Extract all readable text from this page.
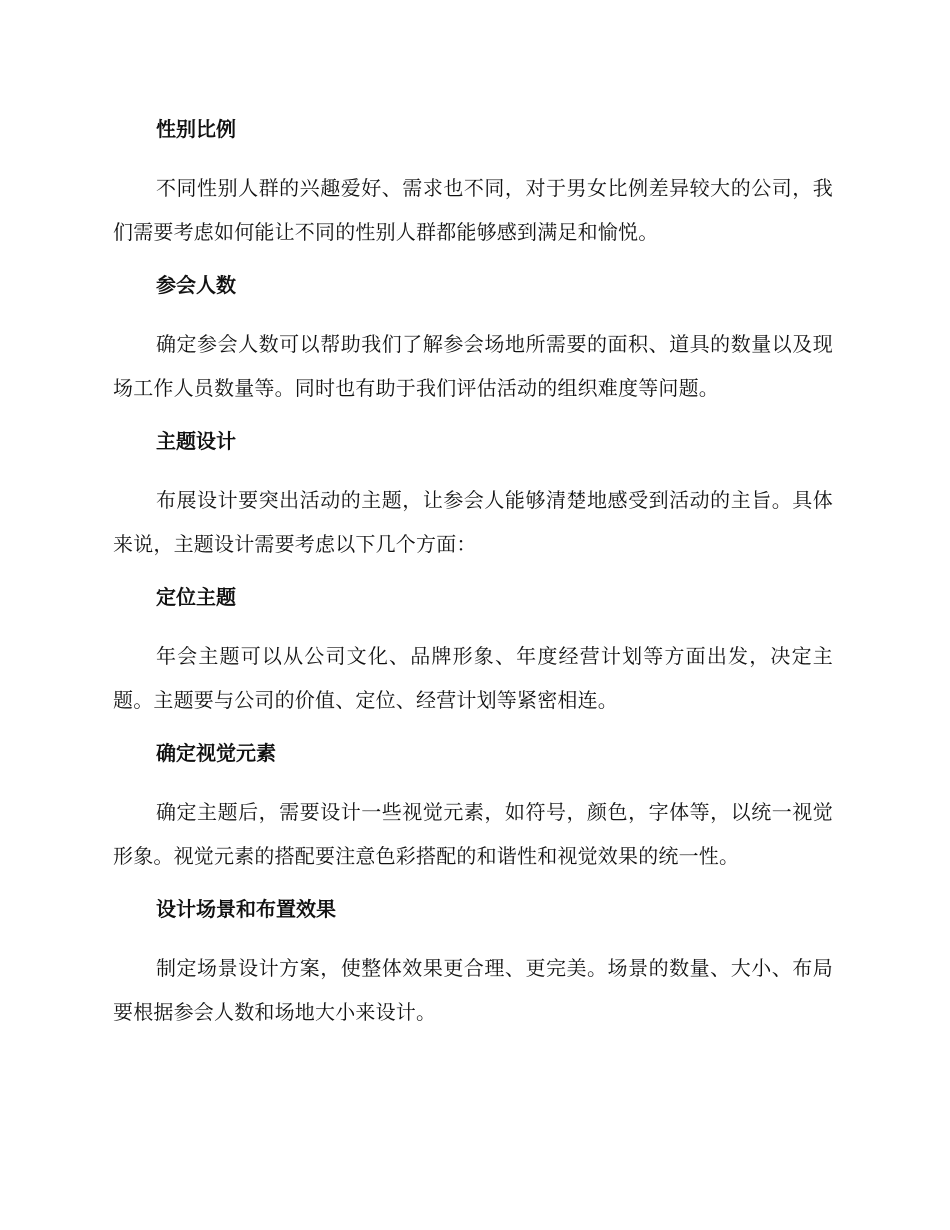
性别比例

不同性别人群的兴趣爱好、需求也不同，对于男女比例差异较大的公司，我们需要考虑如何能让不同的性别人群都能够感到满足和愉悦。

参会人数

确定参会人数可以帮助我们了解参会场地所需要的面积、道具的数量以及现场工作人员数量等。同时也有助于我们评估活动的组织难度等问题。

主题设计

布展设计要突出活动的主题，让参会人能够清楚地感受到活动的主旨。具体来说，主题设计需要考虑以下几个方面：

定位主题

年会主题可以从公司文化、品牌形象、年度经营计划等方面出发，决定主题。主题要与公司的价值、定位、经营计划等紧密相连。

确定视觉元素

确定主题后，需要设计一些视觉元素，如符号，颜色，字体等，以统一视觉形象。视觉元素的搭配要注意色彩搭配的和谐性和视觉效果的统一性。

设计场景和布置效果

制定场景设计方案，使整体效果更合理、更完美。场景的数量、大小、布局要根据参会人数和场地大小来设计。
